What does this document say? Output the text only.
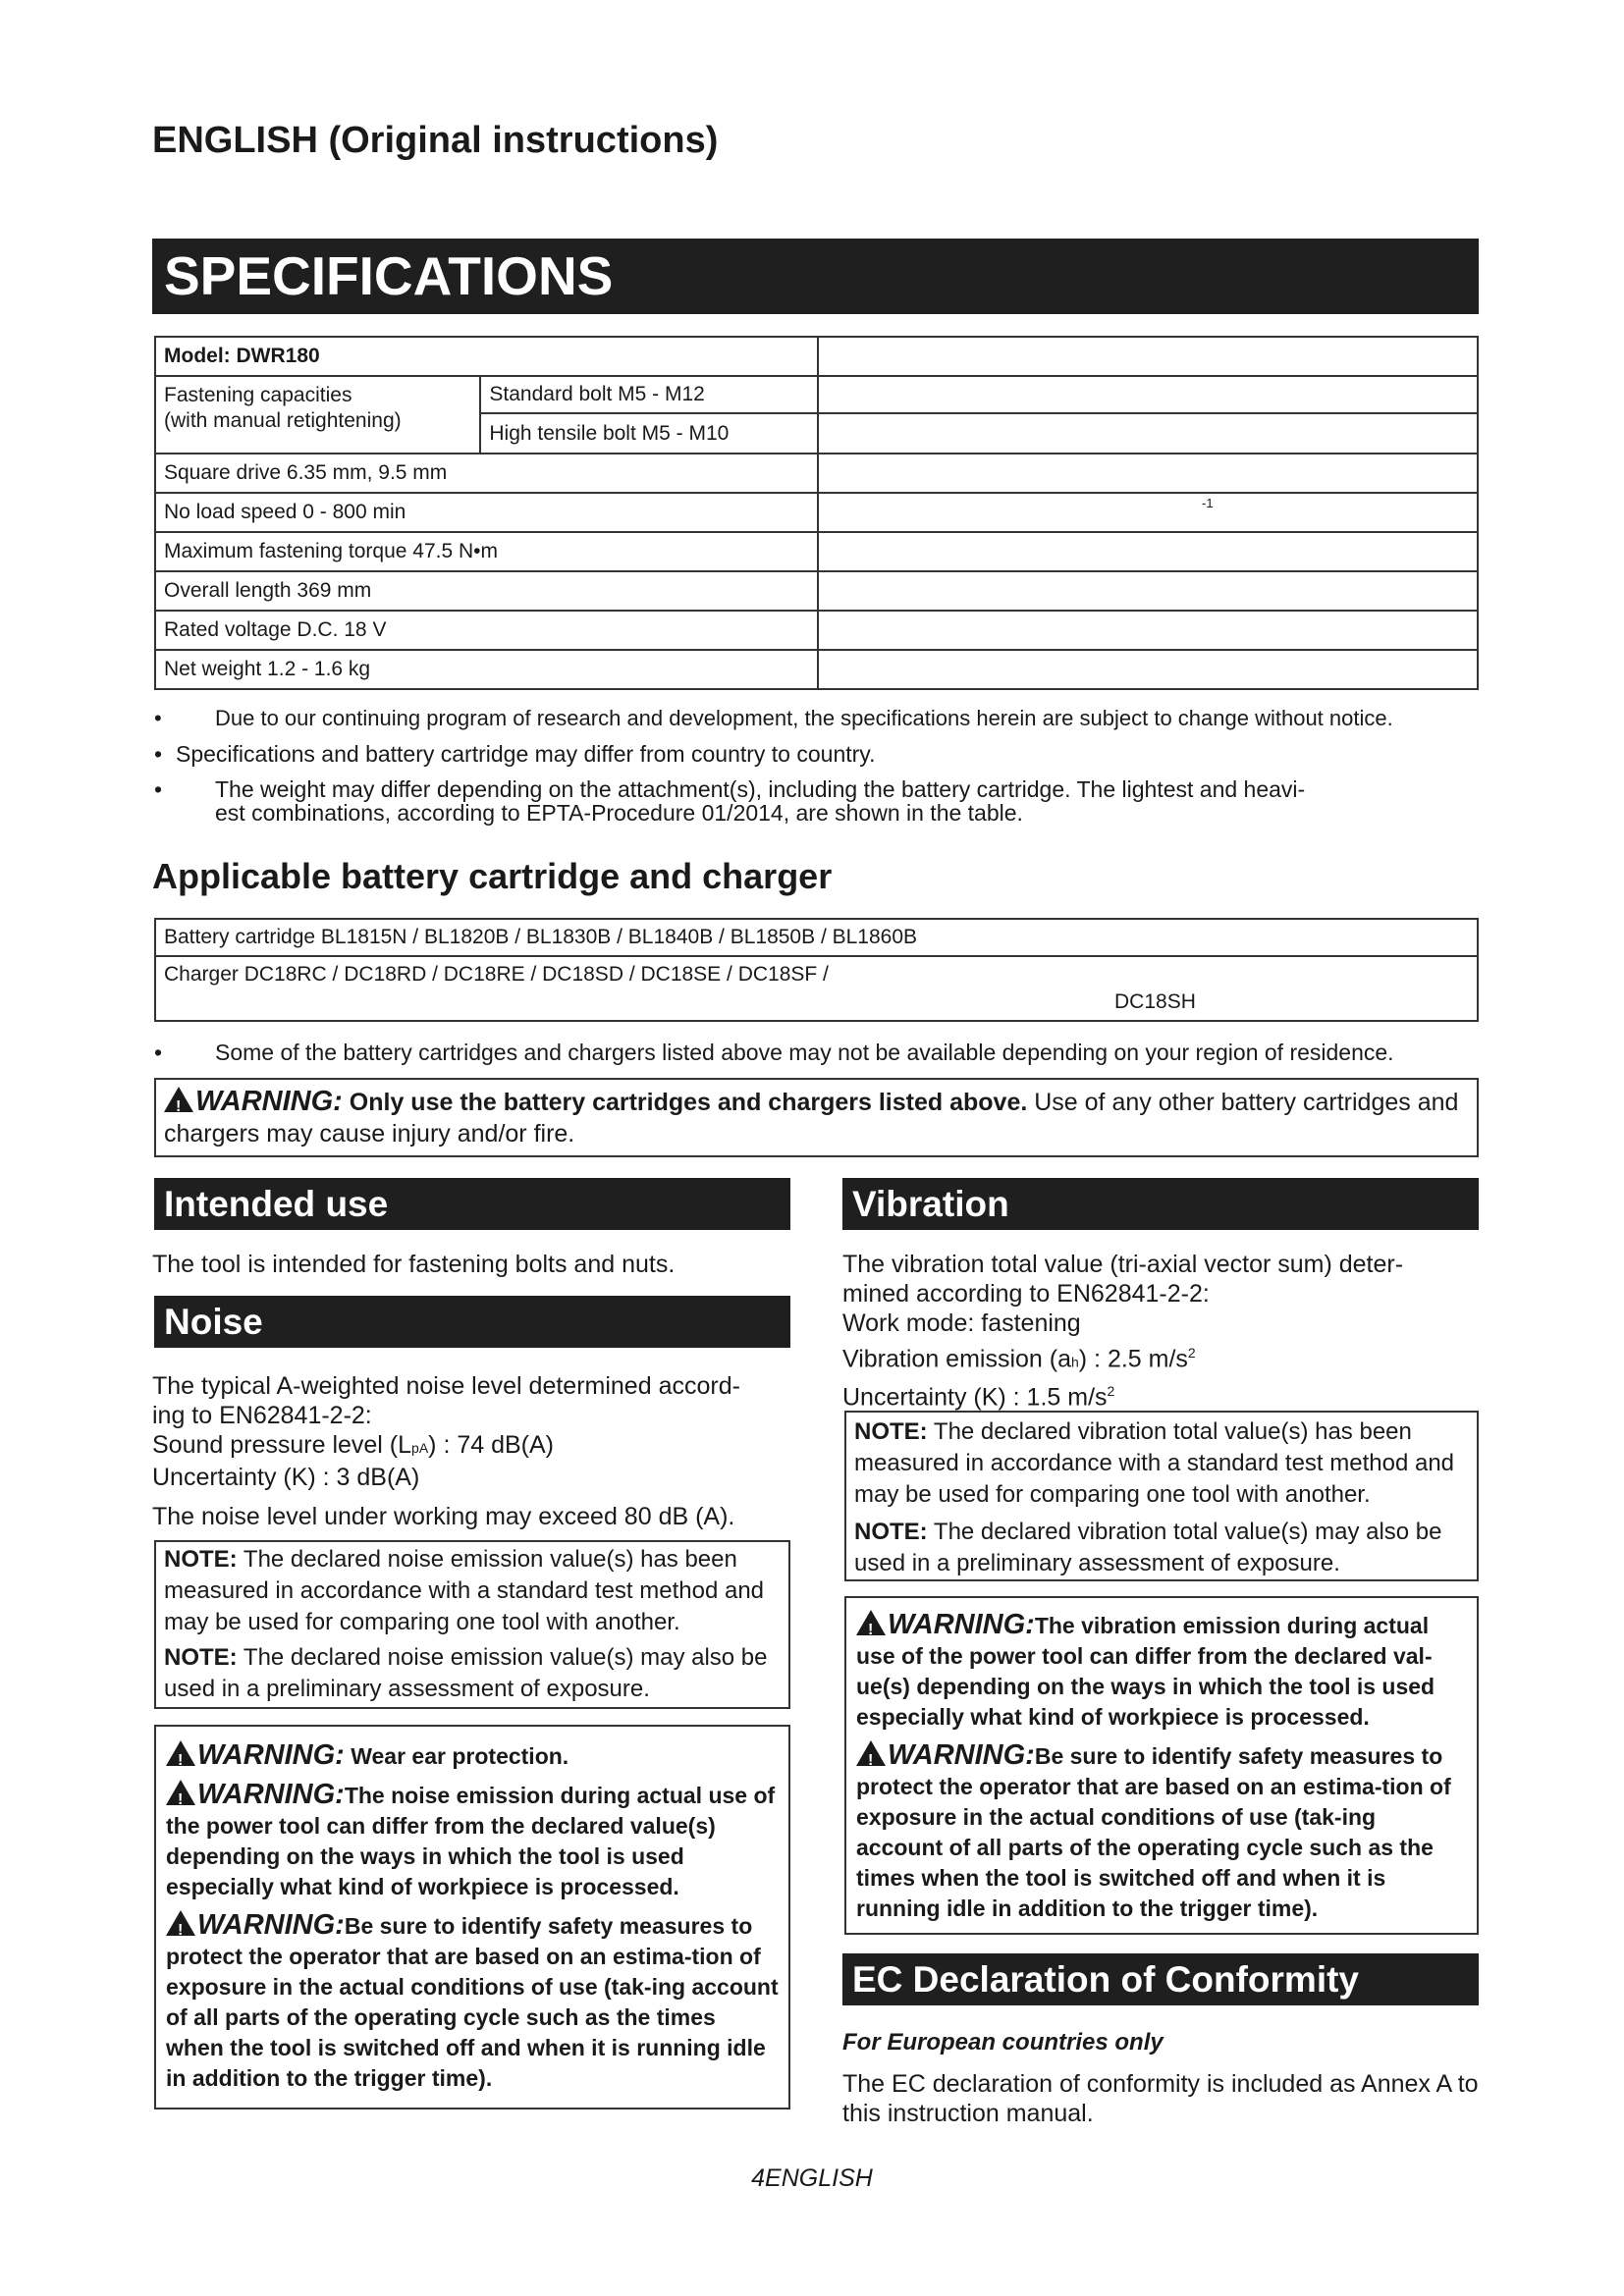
ENGLISH (Original instructions)
SPECIFICATIONS
Model: DWR180		

Fastening capacities
(with manual retightening)	Standard bolt M5 - M12	
	High tensile bolt M5 - M10	
Square drive 6.35 mm, 9.5 mm		
No load speed 0 - 800 min		-1

Maximum fastening torque 47.5 N•m		
Overall length 369 mm		
Rated voltage D.C. 18 V		
Net weight 1.2 - 1.6 kg		
• Due to our continuing program of research and development, the specifications herein are subject to change without notice.
• Specifications and battery cartridge may differ from country to country.
• The weight may differ depending on the attachment(s), including the battery cartridge. The lightest and heavi-
est combinations, according to EPTA-Procedure 01/2014, are shown in the table.
Applicable battery cartridge and charger
Battery cartridge BL1815N / BL1820B / BL1830B / BL1840B / BL1850B / BL1860B

Charger DC18RC / DC18RD / DC18RE / DC18SD / DC18SE / DC18SF /
DC18SH
• Some of the battery cartridges and chargers listed above may not be available depending on your region of residence.
! WARNING: Only use the battery cartridges and chargers listed above. Use of any other battery cartridges and chargers may cause injury and/or fire.
Intended use
The tool is intended for fastening bolts and nuts.
Noise
The typical A-weighted noise level determined accord-
ing to EN62841-2-2:
Sound pressure level (LpA) : 74 dB(A)
Uncertainty (K) : 3 dB(A)
The noise level under working may exceed 80 dB (A).
NOTE: The declared noise emission value(s) has been measured in accordance with a standard test method and may be used for comparing one tool with another.
NOTE: The declared noise emission value(s) may also be used in a preliminary assessment of exposure.
! WARNING: Wear ear protection.
! WARNING:The noise emission during actual use of the power tool can differ from the declared value(s) depending on the ways in which the tool is used especially what kind of workpiece is processed.
! WARNING:Be sure to identify safety measures to protect the operator that are based on an estima-tion of exposure in the actual conditions of use (tak-ing account of all parts of the operating cycle such as the times when the tool is switched off and when it is running idle in addition to the trigger time).
Vibration
The vibration total value (tri-axial vector sum) deter-
mined according to EN62841-2-2:
Work mode: fastening
Vibration emission (ah) : 2.5 $m/s^2$
Uncertainty (K) : 1.5 $m/s^2$
NOTE: The declared vibration total value(s) has been measured in accordance with a standard test method and may be used for comparing one tool with another.
NOTE: The declared vibration total value(s) may also be used in a preliminary assessment of exposure.
! WARNING:The vibration emission during actual use of the power tool can differ from the declared val-ue(s) depending on the ways in which the tool is used especially what kind of workpiece is processed.
! WARNING:Be sure to identify safety measures to protect the operator that are based on an estima-tion of exposure in the actual conditions of use (tak-ing account of all parts of the operating cycle such as the times when the tool is switched off and when it is running idle in addition to the trigger time).
EC Declaration of Conformity
For European countries only
The EC declaration of conformity is included as Annex A to this instruction manual.
4ENGLISH
